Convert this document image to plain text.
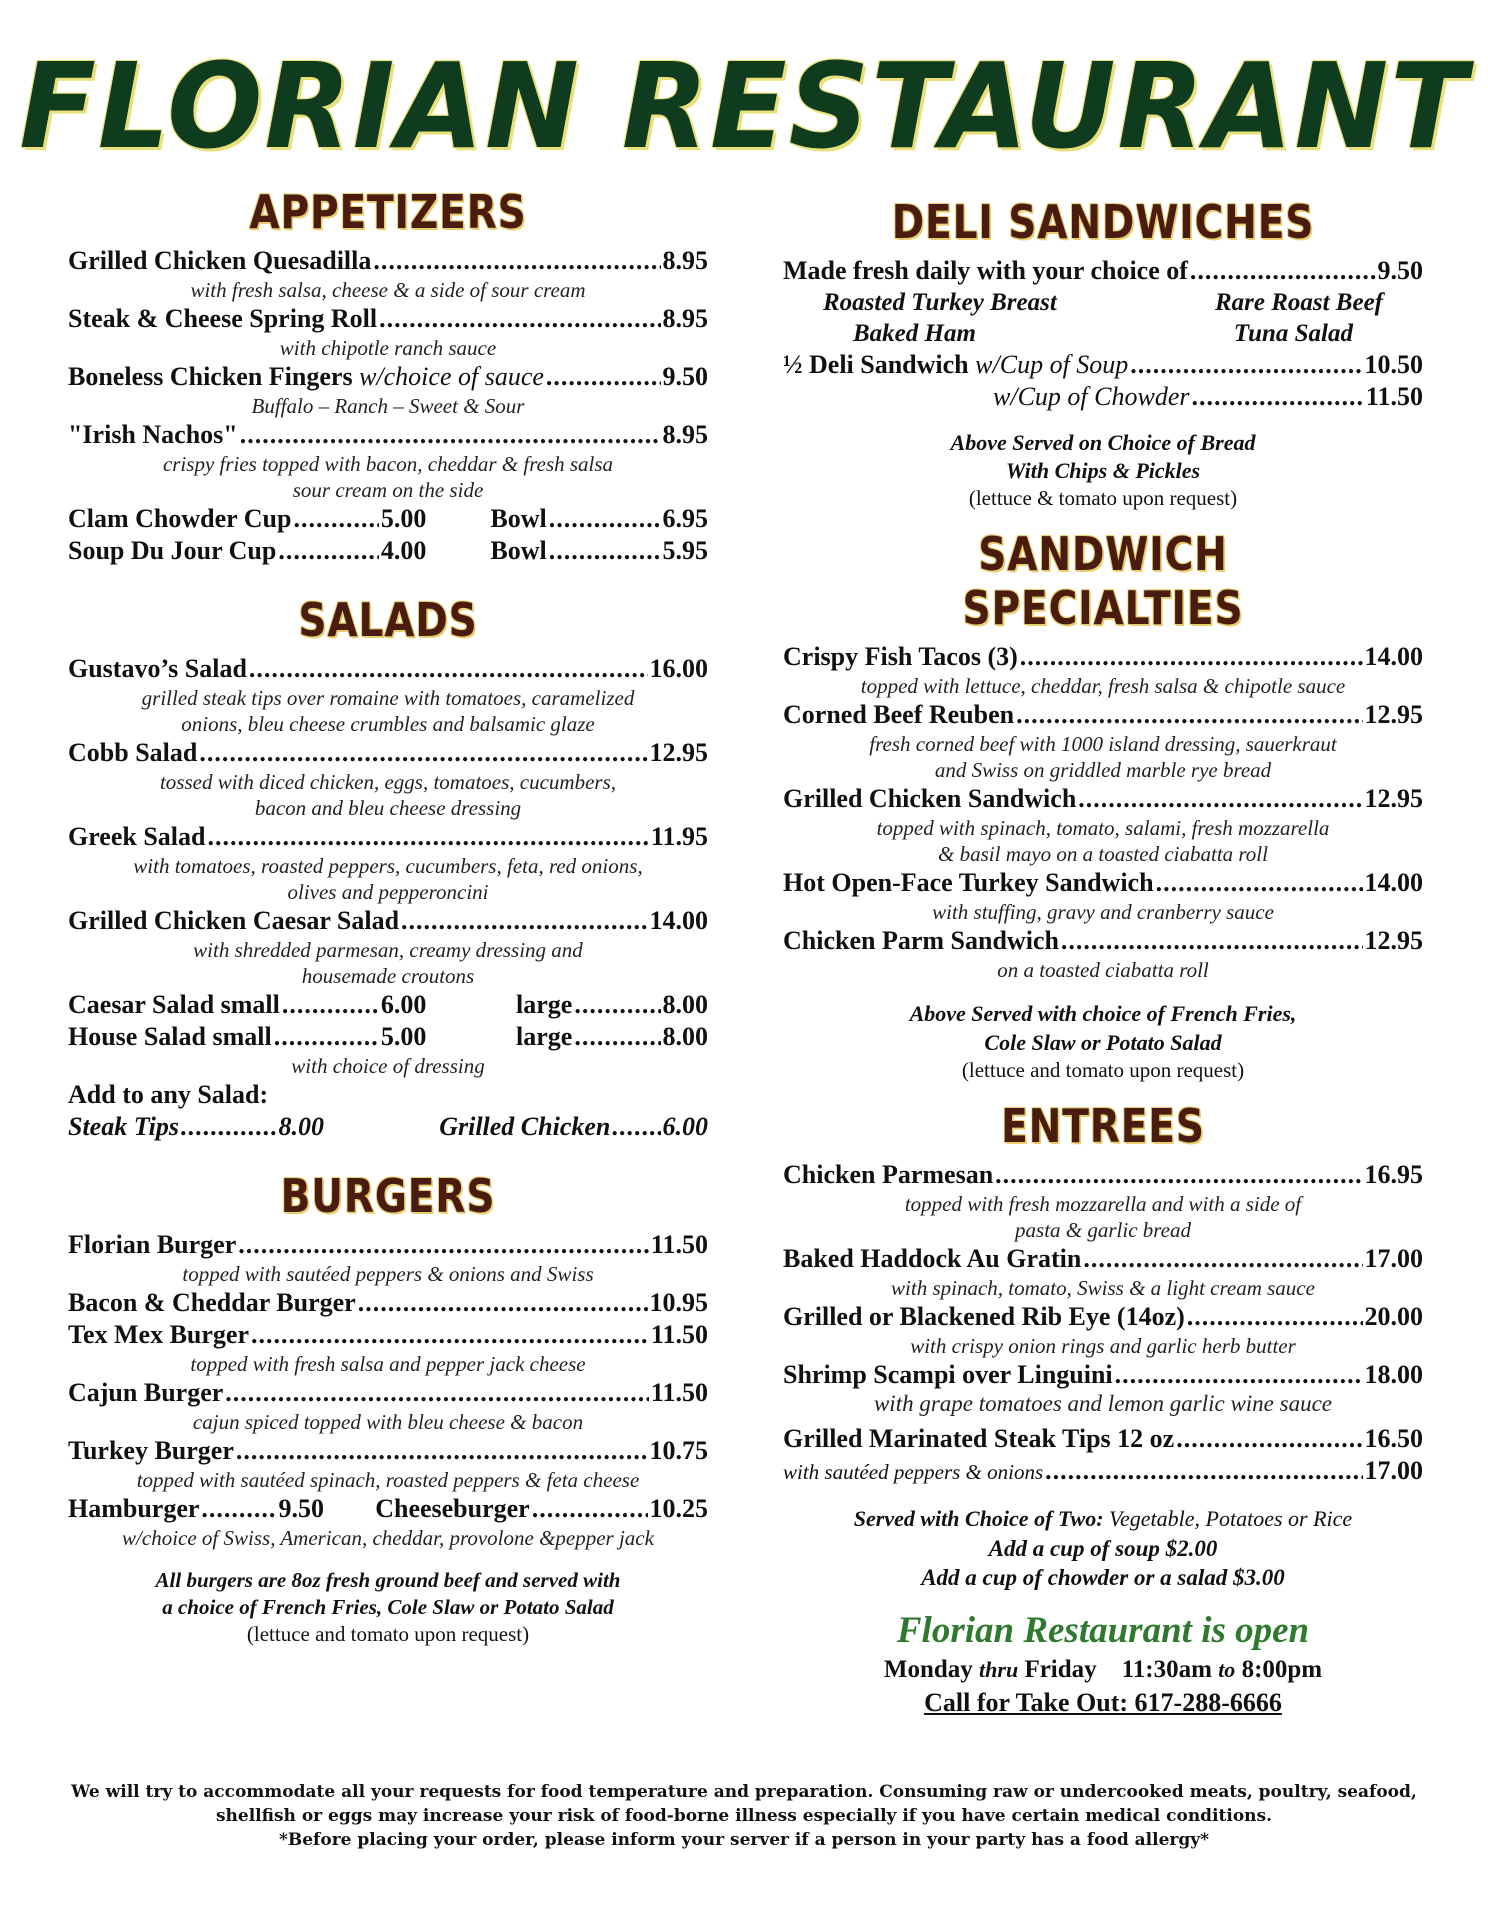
FLORIAN RESTAURANT
APPETIZERS
Grilled Chicken Quesadilla .....	8.95
with fresh salsa, cheese & a side of sour cream
Steak & Cheese Spring Roll .....	8.95
with chipotle ranch sauce
Boneless Chicken Fingers
w/choice of sauce .....	9.50
Buffalo – Ranch – Sweet & Sour
"Irish Nachos" .....	8.95
crispy fries topped with bacon, cheddar & fresh salsa
sour cream on the side
Clam Chowder Cup .....	5.00 Bowl .....	6.95
Soup Du Jour Cup .....	4.00 Bowl .....	5.95
SALADS
Gustavo’s Salad .....	16.00
grilled steak tips over romaine with tomatoes, caramelized
onions, bleu cheese crumbles and balsamic glaze
Cobb Salad .....	12.95
tossed with diced chicken, eggs, tomatoes, cucumbers,
bacon and bleu cheese dressing
Greek Salad .....	11.95
with tomatoes, roasted peppers, cucumbers, feta, red onions,
olives and pepperoncini
Grilled Chicken Caesar Salad .....	14.00
with shredded parmesan, creamy dressing and
housemade croutons
Caesar Salad small .....	6.00	large .....	8.00
House Salad small .....	5.00	large .....	8.00
with choice of dressing
Add to any Salad:
Steak Tips .....	8.00	Grilled Chicken ..... 6.00
BURGERS
Florian Burger .....	11.50
topped with sautéed peppers & onions and Swiss
Bacon & Cheddar Burger .....	10.95
Tex Mex Burger .....	11.50
topped with fresh salsa and pepper jack cheese
Cajun Burger .....	11.50
cajun spiced topped with bleu cheese & bacon
Turkey Burger .....	10.75
topped with sautéed spinach, roasted peppers & feta cheese
Hamburger .....	9.50 Cheeseburger .....	10.25
w/choice of Swiss, American, cheddar, provolone &pepper jack
All burgers are 8oz fresh ground beef and served with
a choice of French Fries, Cole Slaw or Potato Salad
(lettuce and tomato upon request)
DELI SANDWICHES
Made fresh daily with your choice of .....	9.50
Roasted Turkey Breast	Rare Roast Beef
Baked Ham	Tuna Salad
½ Deli Sandwich
w/Cup of Soup .....	10.50
w/Cup of Chowder .....	11.50
Above Served on Choice of Bread
With Chips & Pickles
(lettuce & tomato upon request)
SANDWICH SPECIALTIES
Crispy Fish Tacos (3) .....	14.00
topped with lettuce, cheddar, fresh salsa & chipotle sauce
Corned Beef Reuben .....	12.95
fresh corned beef with 1000 island dressing, sauerkraut
and Swiss on griddled marble rye bread
Grilled Chicken Sandwich .....	12.95
topped with spinach, tomato, salami, fresh mozzarella
& basil mayo on a toasted ciabatta roll
Hot Open-Face Turkey Sandwich .....	14.00
with stuffing, gravy and cranberry sauce
Chicken Parm Sandwich .....	12.95
on a toasted ciabatta roll
Above Served with choice of French Fries,
Cole Slaw or Potato Salad
(lettuce and tomato upon request)
ENTREES
Chicken Parmesan .....	16.95
topped with fresh mozzarella and with a side of
pasta & garlic bread
Baked Haddock Au Gratin .....	17.00
with spinach, tomato, Swiss & a light cream sauce
Grilled or Blackened Rib Eye (14oz) .....	20.00
with crispy onion rings and garlic herb butter
Shrimp Scampi over Linguini .....	18.00
with grape tomatoes and lemon garlic wine sauce
Grilled Marinated Steak Tips 12 oz .....	16.50
with sautéed peppers & onions .....	17.00
Served with Choice of Two: Vegetable, Potatoes or Rice
Add a cup of soup $2.00
Add a cup of chowder or a salad $3.00
Florian Restaurant is open
Monday thru Friday 11:30am to 8:00pm
Call for Take Out: 617-288-6666
We will try to accommodate all your requests for food temperature and preparation. Consuming raw or undercooked meats, poultry, seafood,
shellfish or eggs may increase your risk of food-borne illness especially if you have certain medical conditions.
*Before placing your order, please inform your server if a person in your party has a food allergy*
